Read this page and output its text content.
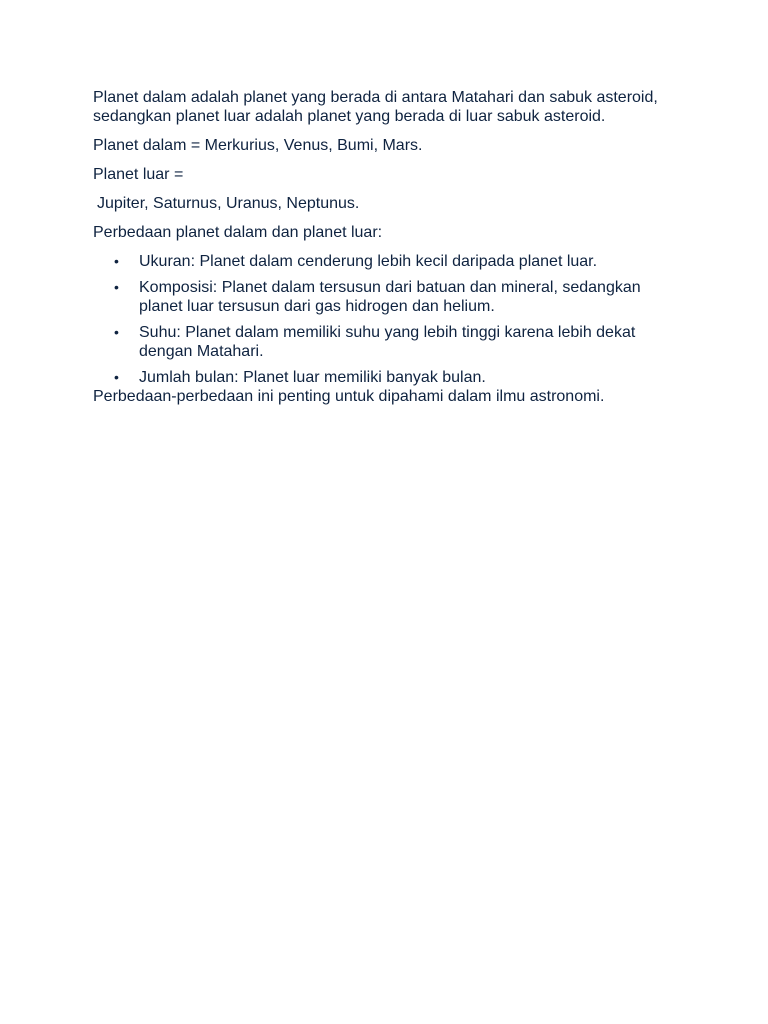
Planet dalam adalah planet yang berada di antara Matahari dan sabuk asteroid, sedangkan planet luar adalah planet yang berada di luar sabuk asteroid.

Planet dalam = Merkurius, Venus, Bumi, Mars.

Planet luar =

Jupiter, Saturnus, Uranus, Neptunus.

Perbedaan planet dalam dan planet luar:

• Ukuran: Planet dalam cenderung lebih kecil daripada planet luar.
• Komposisi: Planet dalam tersusun dari batuan dan mineral, sedangkan planet luar tersusun dari gas hidrogen dan helium.
• Suhu: Planet dalam memiliki suhu yang lebih tinggi karena lebih dekat dengan Matahari.
• Jumlah bulan: Planet luar memiliki banyak bulan.

Perbedaan-perbedaan ini penting untuk dipahami dalam ilmu astronomi.
